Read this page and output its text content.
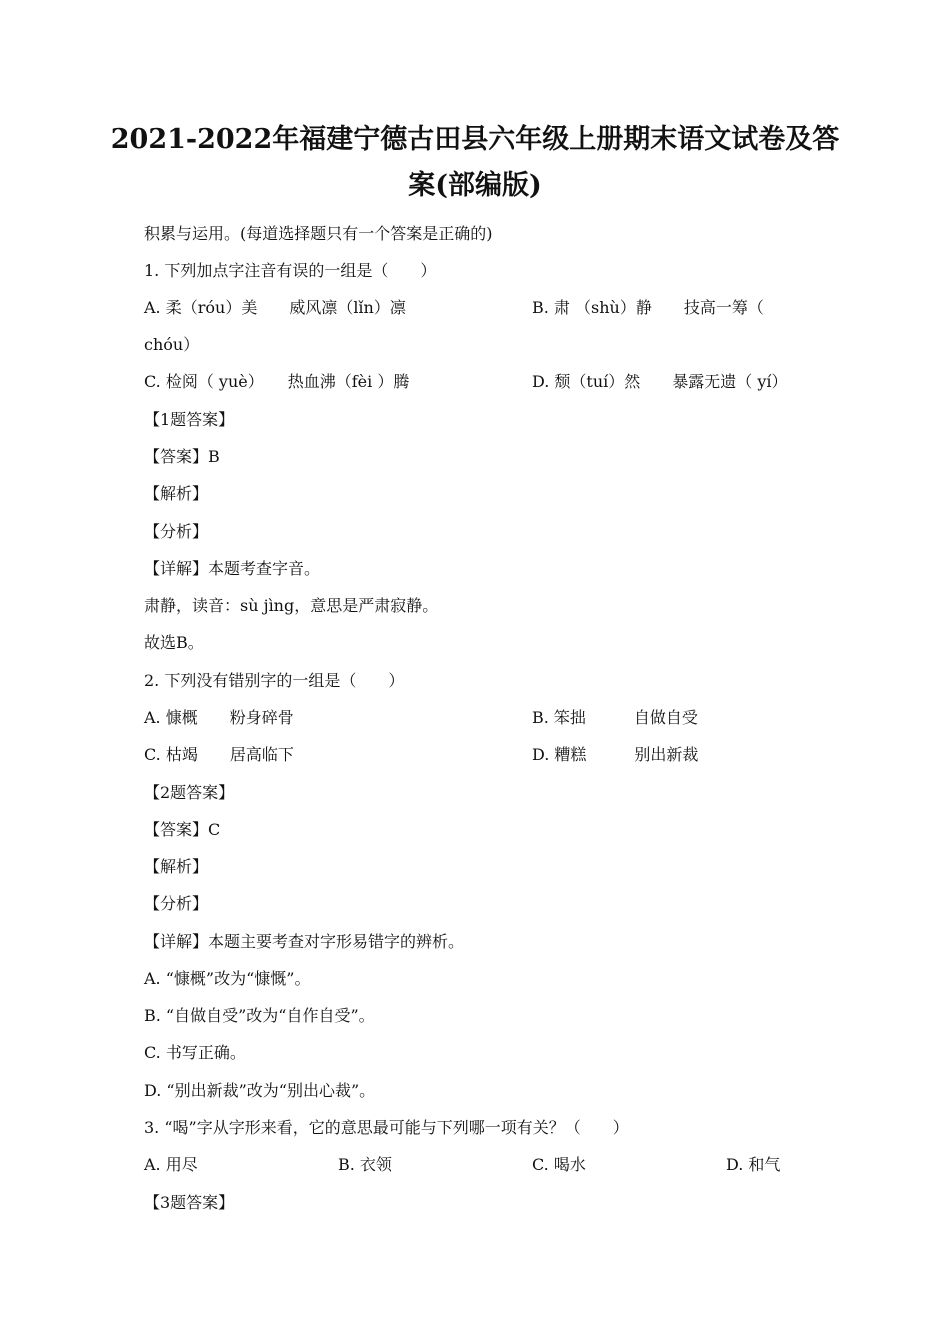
2021-2022年福建宁德古田县六年级上册期末语文试卷及答
案(部编版)
积累与运用。(每道选择题只有一个答案是正确的)
1. 下列加点字注音有误的一组是（　　）
A. 柔（róu）美　　威风凛（lǐn）凛	B. 肃 （shù）静　　技高一筹（
chóu）
C. 检阅（ yuè）　　热血沸（fèi ）腾	D. 颓（tuí）然　　暴露无遗（ yí）
【1题答案】
【答案】B
【解析】
【分析】
【详解】本题考查字音。
肃静，读音：sù jìng，意思是严肃寂静。
故选B。
2. 下列没有错别字的一组是（　　）
A. 慷概　　粉身碎骨	B. 笨拙　　　自做自受
C. 枯竭　　居高临下	D. 糟糕　　　别出新裁
【2题答案】
【答案】C
【解析】
【分析】
【详解】本题主要考查对字形易错字的辨析。
A. “慷概”改为“慷慨”。
B. “自做自受”改为“自作自受”。
C. 书写正确。
D. “别出新裁”改为“别出心裁”。
3. “喝”字从字形来看，它的意思最可能与下列哪一项有关？（　　）
A. 用尽	B. 衣领	C. 喝水	D. 和气
【3题答案】
